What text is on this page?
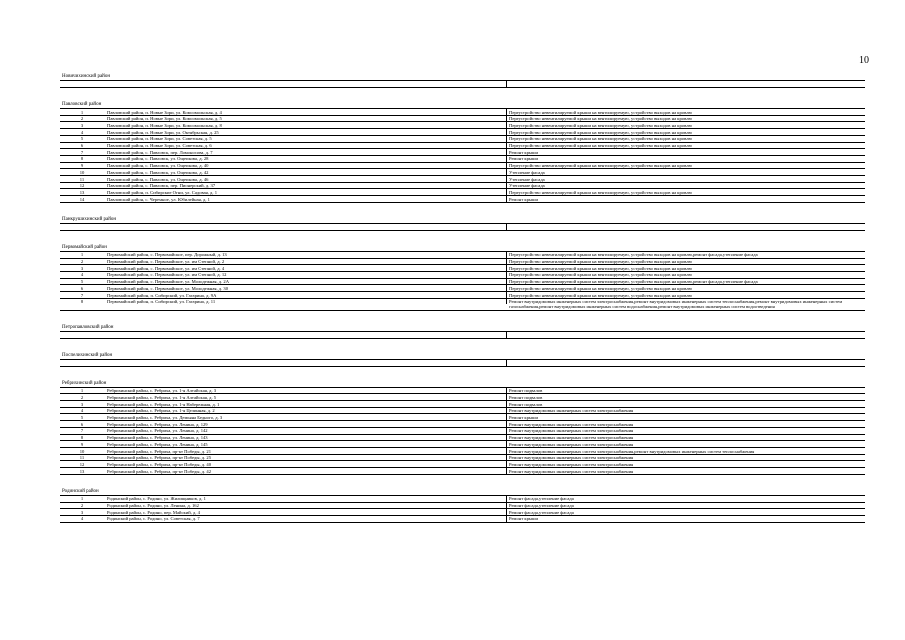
10
Новичихинский район
Павловский район
1	Павловский район, п. Новые Зори, ул. Комсомольская, д. 4	Переустройство невентилируемой крыши на вентилируемую, устройство выходов на кровлю
2	Павловский район, п. Новые Зори, ул. Комсомольская, д. 5	Переустройство невентилируемой крыши на вентилируемую, устройство выходов на кровлю
3	Павловский район, п. Новые Зори, ул. Комсомольская, д. 8	Переустройство невентилируемой крыши на вентилируемую, устройство выходов на кровлю
4	Павловский район, п. Новые Зори, ул. Октябрьская, д. 25	Переустройство невентилируемой крыши на вентилируемую, устройство выходов на кровлю
5	Павловский район, п. Новые Зори, ул. Советская, д. 5	Переустройство невентилируемой крыши на вентилируемую, устройство выходов на кровлю
6	Павловский район, п. Новые Зори, ул. Советская, д. 6	Переустройство невентилируемой крыши на вентилируемую, устройство выходов на кровлю
7	Павловский район, с. Павловск, пер. Ломоносова, д. 7	Ремонт крыши
8	Павловский район, с. Павловск, ул. Ощепкова, д. 28	Ремонт крыши
9	Павловский район, с. Павловск, ул. Ощепкова, д. 40	Переустройство невентилируемой крыши на вентилируемую, устройство выходов на кровлю
10	Павловский район, с. Павловск, ул. Ощепкова, д. 42	Утепление фасада
11	Павловский район, с. Павловск, ул. Ощепкова, д. 46	Утепление фасада
12	Павловский район, с. Павловск, пер. Пионерский, д. 37	Утепление фасада
13	Павловский район, п. Сибирские Огни, ул. Садовая, д. 1	Переустройство невентилируемой крыши на вентилируемую, устройство выходов на кровлю
14	Павловский район, с. Черемное, ул. Юбилейная, д. 1	Ремонт крыши
Панкрушихинский район
Первомайский район
1	Первомайский район, с. Первомайское, пер. Дорожный, д. 13	Переустройство невентилируемой крыши на вентилируемую, устройство выходов на кровлю,ремонт фасада,утепление фасада
2	Первомайский район, с. Первомайское, ул. им Степной, д. 2	Переустройство невентилируемой крыши на вентилируемую, устройство выходов на кровлю
3	Первомайский район, с. Первомайское, ул. им Степной, д. 4	Переустройство невентилируемой крыши на вентилируемую, устройство выходов на кровлю
4	Первомайский район, с. Первомайское, ул. им Степной, д. 12	Переустройство невентилируемой крыши на вентилируемую, устройство выходов на кровлю
5	Первомайский район, с. Первомайское, ул. Молодежная, д. 2А	Переустройство невентилируемой крыши на вентилируемую, устройство выходов на кровлю,ремонт фасада,утепление фасада
6	Первомайский район, с. Первомайское, ул. Молодежная, д. 30	Переустройство невентилируемой крыши на вентилируемую, устройство выходов на кровлю
7	Первомайский район, п. Сибирский, ул. Гагарина, д. 9А	Переустройство невентилируемой крыши на вентилируемую, устройство выходов на кровлю
8	Первомайский район, п. Сибирский, ул. Гагарина, д. 11	Ремонт внутридомовых инженерных систем электроснабжения,ремонт внутридомовых инженерных систем теплоснабжения,ремонт внутридомовых инженерных систем газоснабжения,ремонт внутридомовых инженерных систем водоснабжения,ремонт внутридомовых инженерных систем водоотведения
Петропавловский район
Поспелихинский район
Ребрихинский район
1	Ребрихинский район, с. Ребриха, ул. 1-я Алтайская, д. 3	Ремонт подвалов
2	Ребрихинский район, с. Ребриха, ул. 1-я Алтайская, д. 5	Ремонт подвалов
3	Ребрихинский район, с. Ребриха, ул. 1-я Набережная, д. 1	Ремонт подвалов
4	Ребрихинский район, с. Ребриха, ул. 1-я Целинная, д. 2	Ремонт внутридомовых инженерных систем электроснабжения
5	Ребрихинский район, с. Ребриха, ул. Демьяна Бедного, д. 3	Ремонт крыши
6	Ребрихинский район, с. Ребриха, ул. Ленина, д. 129	Ремонт внутридомовых инженерных систем электроснабжения
7	Ребрихинский район, с. Ребриха, ул. Ленина, д. 142	Ремонт внутридомовых инженерных систем электроснабжения
8	Ребрихинский район, с. Ребриха, ул. Ленина, д. 143	Ремонт внутридомовых инженерных систем электроснабжения
9	Ребрихинский район, с. Ребриха, ул. Ленина, д. 145	Ремонт внутридомовых инженерных систем электроснабжения
10	Ребрихинский район, с. Ребриха, пр-кт Победы, д. 21	Ремонт внутридомовых инженерных систем электроснабжения,ремонт внутридомовых инженерных систем теплоснабжения
11	Ребрихинский район, с. Ребриха, пр-кт Победы, д. 25	Ремонт внутридомовых инженерных систем электроснабжения
12	Ребрихинский район, с. Ребриха, пр-кт Победы, д. 40	Ремонт внутридомовых инженерных систем электроснабжения
13	Ребрихинский район, с. Ребриха, пр-кт Победы, д. 42	Ремонт внутридомовых инженерных систем электроснабжения
Родинский район
1	Родинский район, с. Родино, ул. Жилищников, д. 1	Ремонт фасада,утепление фасада
2	Родинский район, с. Родино, ул. Ленина, д. 162	Ремонт фасада,утепление фасада
3	Родинский район, с. Родино, пер. Майский, д. 4	Ремонт фасада,утепление фасада
4	Родинский район, с. Родино, ул. Советская, д. 7	Ремонт крыши
